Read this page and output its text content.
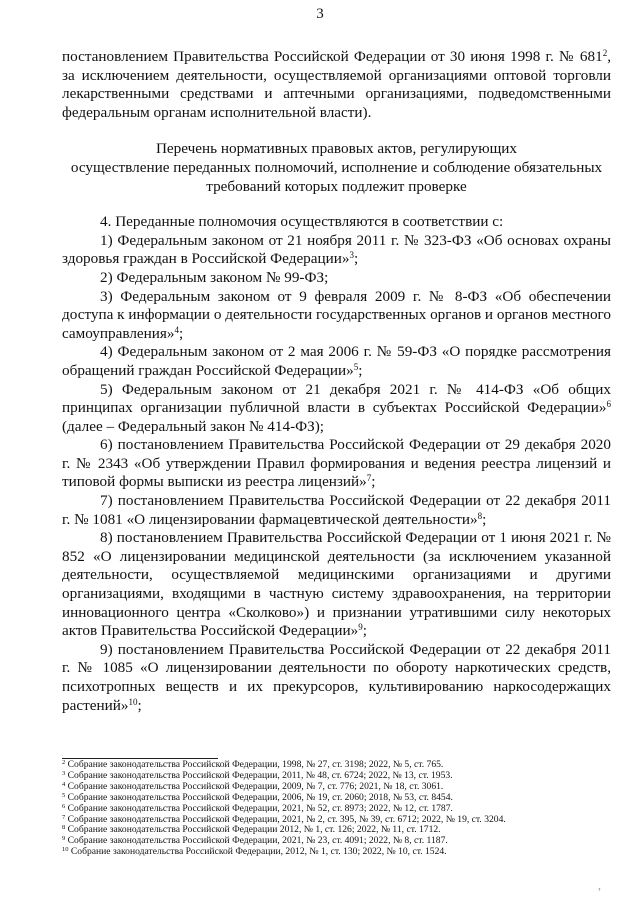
3

постановлением Правительства Российской Федерации от 30 июня 1998 г. № $681^2$, за исключением деятельности, осуществляемой организациями оптовой торговли лекарственными средствами и аптечными организациями, подведомственными федеральным органам исполнительной власти).

Перечень нормативных правовых актов, регулирующих
осуществление переданных полномочий, исполнение и соблюдение обязательных
требований которых подлежит проверке

4. Переданные полномочия осуществляются в соответствии с:

1) Федеральным законом от 21 ноября 2011 г. № 323-ФЗ «Об основах охраны здоровья граждан в Российской Федерации»$^3$;

2) Федеральным законом № 99-ФЗ;

3) Федеральным законом от 9 февраля 2009 г. № 8-ФЗ «Об обеспечении доступа к информации о деятельности государственных органов и органов местного самоуправления»$^4$;

4) Федеральным законом от 2 мая 2006 г. № 59-ФЗ «О порядке рассмотрения обращений граждан Российской Федерации»$^5$;

5) Федеральным законом от 21 декабря 2021 г. № 414-ФЗ «Об общих принципах организации публичной власти в субъектах Российской Федерации»$^6$ (далее – Федеральный закон № 414-ФЗ);

6) постановлением Правительства Российской Федерации от 29 декабря 2020 г. № 2343 «Об утверждении Правил формирования и ведения реестра лицензий и типовой формы выписки из реестра лицензий»$^7$;

7) постановлением Правительства Российской Федерации от 22 декабря 2011 г. № 1081 «О лицензировании фармацевтической деятельности»$^8$;

8) постановлением Правительства Российской Федерации от 1 июня 2021 г. № 852 «О лицензировании медицинской деятельности (за исключением указанной деятельности, осуществляемой медицинскими организациями и другими организациями, входящими в частную систему здравоохранения, на территории инновационного центра «Сколково») и признании утратившими силу некоторых актов Правительства Российской Федерации»$^9$;

9) постановлением Правительства Российской Федерации от 22 декабря 2011 г. № 1085 «О лицензировании деятельности по обороту наркотических средств, психотропных веществ и их прекурсоров, культивированию наркосодержащих растений»$^{10}$;

$^2$ Собрание законодательства Российской Федерации, 1998, № 27, ст. 3198; 2022, № 5, ст. 765.
$^3$ Собрание законодательства Российской Федерации, 2011, № 48, ст. 6724; 2022, № 13, ст. 1953.
$^4$ Собрание законодательства Российской Федерации, 2009, № 7, ст. 776; 2021, № 18, ст. 3061.
$^5$ Собрание законодательства Российской Федерации, 2006, № 19, ст. 2060; 2018, № 53, ст. 8454.
$^6$ Собрание законодательства Российской Федерации, 2021, № 52, ст. 8973; 2022, № 12, ст. 1787.
$^7$ Собрание законодательства Российской Федерации, 2021, № 2, ст. 395, № 39, ст. 6712; 2022, № 19, ст. 3204.
$^8$ Собрание законодательства Российской Федерации 2012, № 1, ст. 126; 2022, № 11, ст. 1712.
$^9$ Собрание законодательства Российской Федерации, 2021, № 23, ст. 4091; 2022, № 8, ст. 1187.
$^{10}$ Собрание законодательства Российской Федерации, 2012, № 1, ст. 130; 2022, № 10, ст. 1524.
,
